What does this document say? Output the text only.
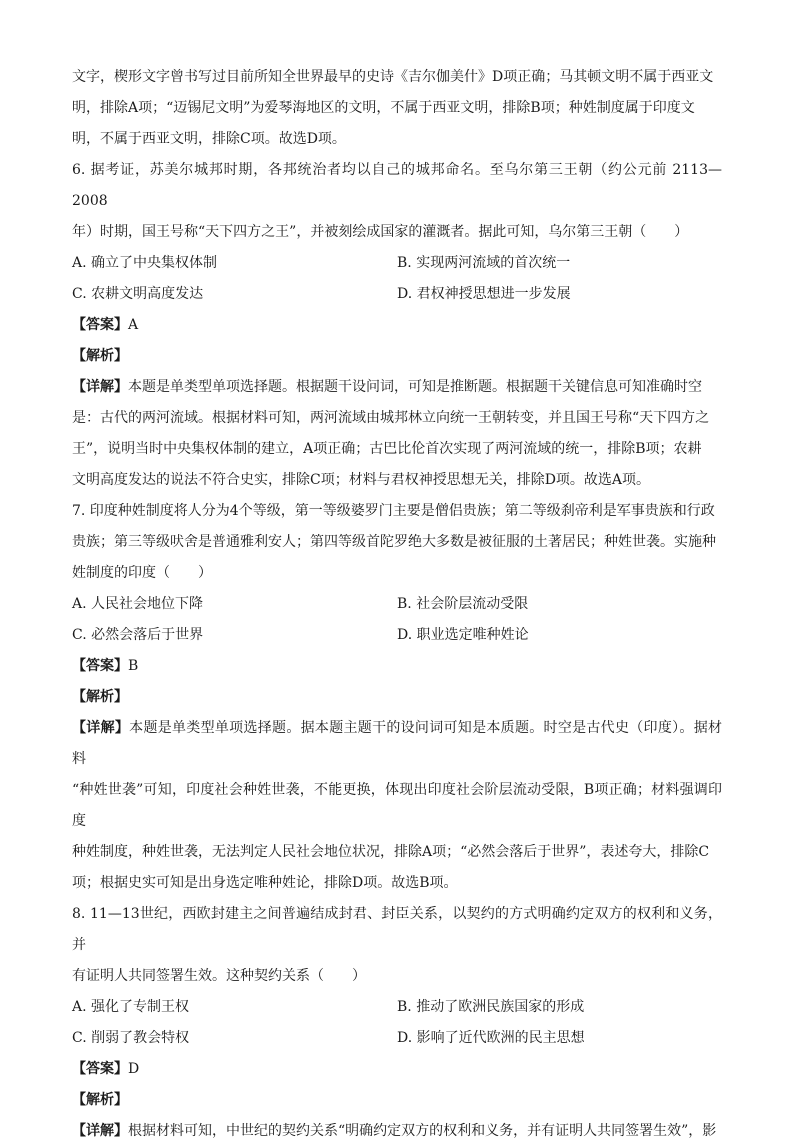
文字，楔形文字曾书写过目前所知全世界最早的史诗《吉尔伽美什》D项正确；马其顿文明不属于西亚文

明，排除A项；“迈锡尼文明”为爱琴海地区的文明，不属于西亚文明，排除B项；种姓制度属于印度文

明，不属于西亚文明，排除C项。故选D项。

6. 据考证，苏美尔城邦时期，各邦统治者均以自己的城邦命名。至乌尔第三王朝（约公元前 2113—2008

年）时期，国王号称“天下四方之王”，并被刻绘成国家的灌溉者。据此可知，乌尔第三王朝（　　）

A. 确立了中央集权体制	B. 实现两河流域的首次统一
C. 农耕文明高度发达	D. 君权神授思想进一步发展

【答案】A

【解析】

【详解】本题是单类型单项选择题。根据题干设问词，可知是推断题。根据题干关键信息可知准确时空

是：古代的两河流域。根据材料可知，两河流域由城邦林立向统一王朝转变，并且国王号称“天下四方之

王”，说明当时中央集权体制的建立，A项正确；古巴比伦首次实现了两河流域的统一，排除B项；农耕

文明高度发达的说法不符合史实，排除C项；材料与君权神授思想无关，排除D项。故选A项。

7. 印度种姓制度将人分为4个等级，第一等级婆罗门主要是僧侣贵族；第二等级刹帝利是军事贵族和行政

贵族；第三等级吠舍是普通雅利安人；第四等级首陀罗绝大多数是被征服的土著居民；种姓世袭。实施种

姓制度的印度（　　）

A. 人民社会地位下降	B. 社会阶层流动受限
C. 必然会落后于世界	D. 职业选定唯种姓论

【答案】B

【解析】

【详解】本题是单类型单项选择题。据本题主题干的设问词可知是本质题。时空是古代史（印度）。据材料

“种姓世袭”可知，印度社会种姓世袭，不能更换，体现出印度社会阶层流动受限，B项正确；材料强调印度

种姓制度，种姓世袭，无法判定人民社会地位状况，排除A项；“必然会落后于世界”，表述夸大，排除C

项；根据史实可知是出身选定唯种姓论，排除D项。故选B项。

8. 11—13世纪，西欧封建主之间普遍结成封君、封臣关系，以契约的方式明确约定双方的权利和义务，并

有证明人共同签署生效。这种契约关系（　　）

A. 强化了专制王权	B. 推动了欧洲民族国家的形成
C. 削弱了教会特权	D. 影响了近代欧洲的民主思想

【答案】D

【解析】

【详解】根据材料可知，中世纪的契约关系“明确约定双方的权利和义务，并有证明人共同签署生效”，影
